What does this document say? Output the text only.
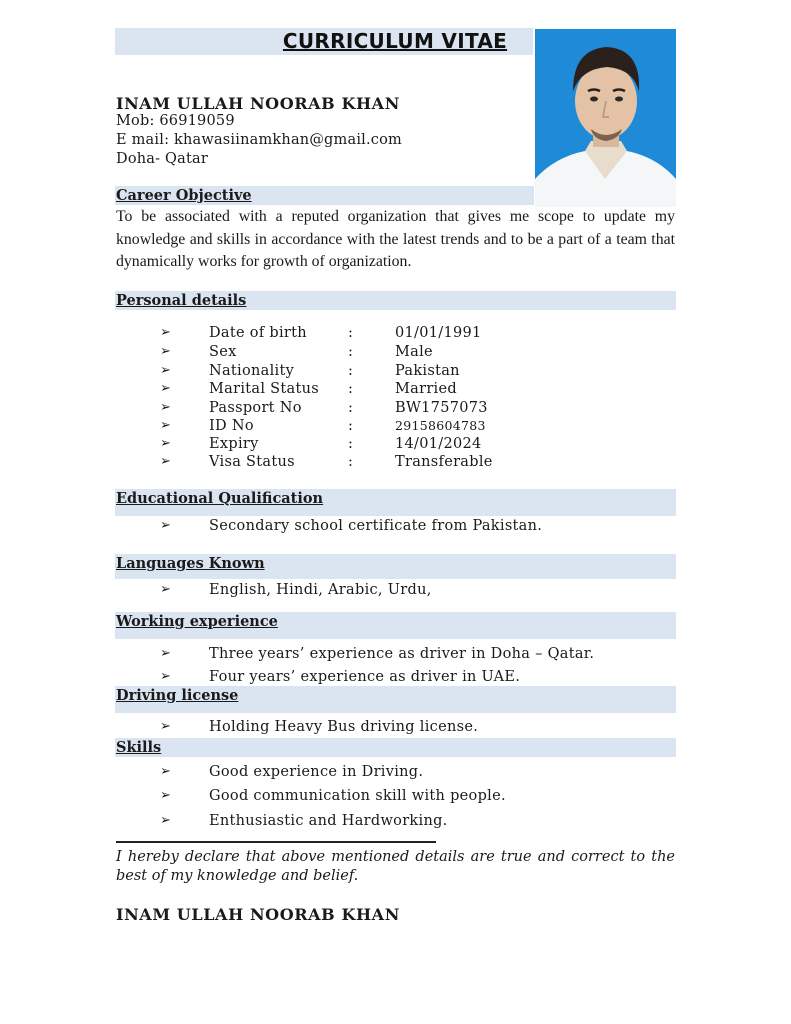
CURRICULUM VITAE
INAM ULLAH NOORAB KHAN
Mob: 66919059
E mail: khawasiinamkhan@gmail.com
Doha- Qatar
Career Objective
To be associated with a reputed organization that gives me scope to update my knowledge and skills in accordance with the latest trends and to be a part of a team that dynamically works for growth of organization.
Personal details
➢	Date of birth	:	01/01/1991
➢	Sex	:	Male
➢	Nationality	:	Pakistan
➢	Marital Status :	Married
➢	Passport No	:	BW1757073
➢	ID No	:	29158604783
➢	Expiry	:	14/01/2024
➢	Visa Status	:	Transferable
Educational Qualification
➢	Secondary school certificate from Pakistan.
Languages Known
➢	English, Hindi, Arabic, Urdu,
Working experience
➢	Three years’ experience as driver in Doha – Qatar.
➢	Four years’ experience as driver in UAE.
Driving license
➢	Holding Heavy Bus driving license.
Skills
➢	Good experience in Driving.
➢	Good communication skill with people.
➢	Enthusiastic and Hardworking.
I hereby declare that above mentioned details are true and correct to the best of my knowledge and belief.
INAM ULLAH NOORAB KHAN
